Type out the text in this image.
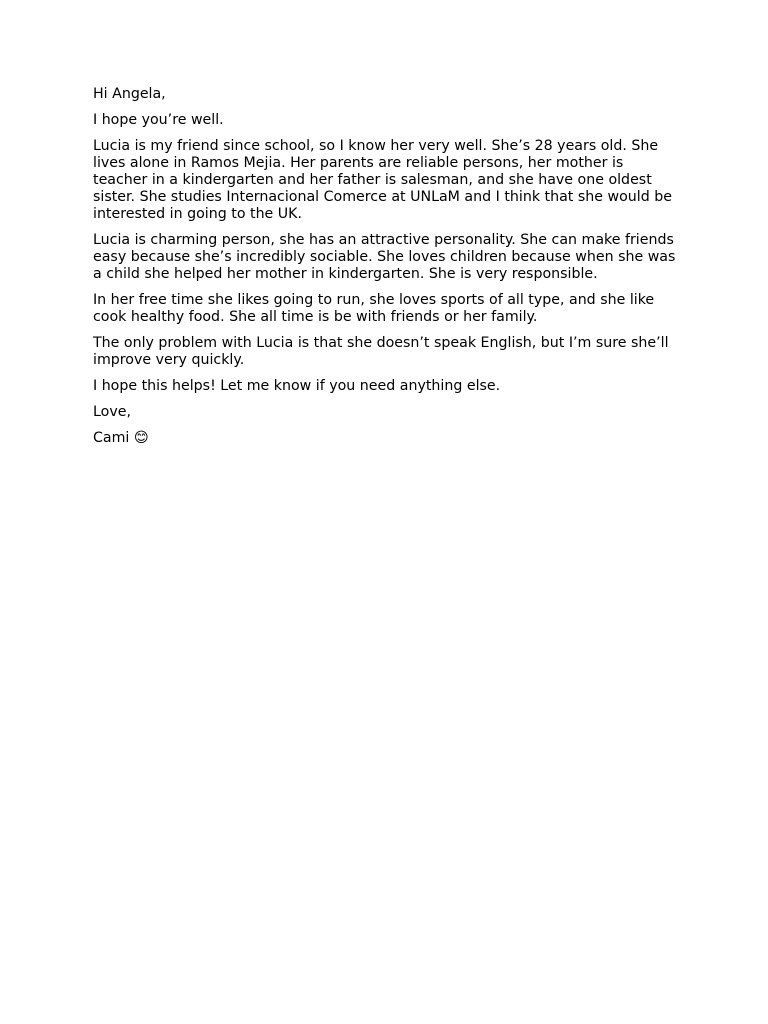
Hi Angela,

I hope you’re well.

Lucia is my friend since school, so I know her very well. She’s 28 years old. She lives alone in Ramos Mejia. Her parents are reliable persons, her mother is teacher in a kindergarten and her father is salesman, and she have one oldest sister. She studies Internacional Comerce at UNLaM and I think that she would be interested in going to the UK.

Lucia is charming person, she has an attractive personality. She can make friends easy because she’s incredibly sociable. She loves children because when she was a child she helped her mother in kindergarten. She is very responsible.

In her free time she likes going to run, she loves sports of all type, and she like cook healthy food. She all time is be with friends or her family.

The only problem with Lucia is that she doesn’t speak English, but I’m sure she’ll improve very quickly.

I hope this helps! Let me know if you need anything else.

Love,

Cami 😊
